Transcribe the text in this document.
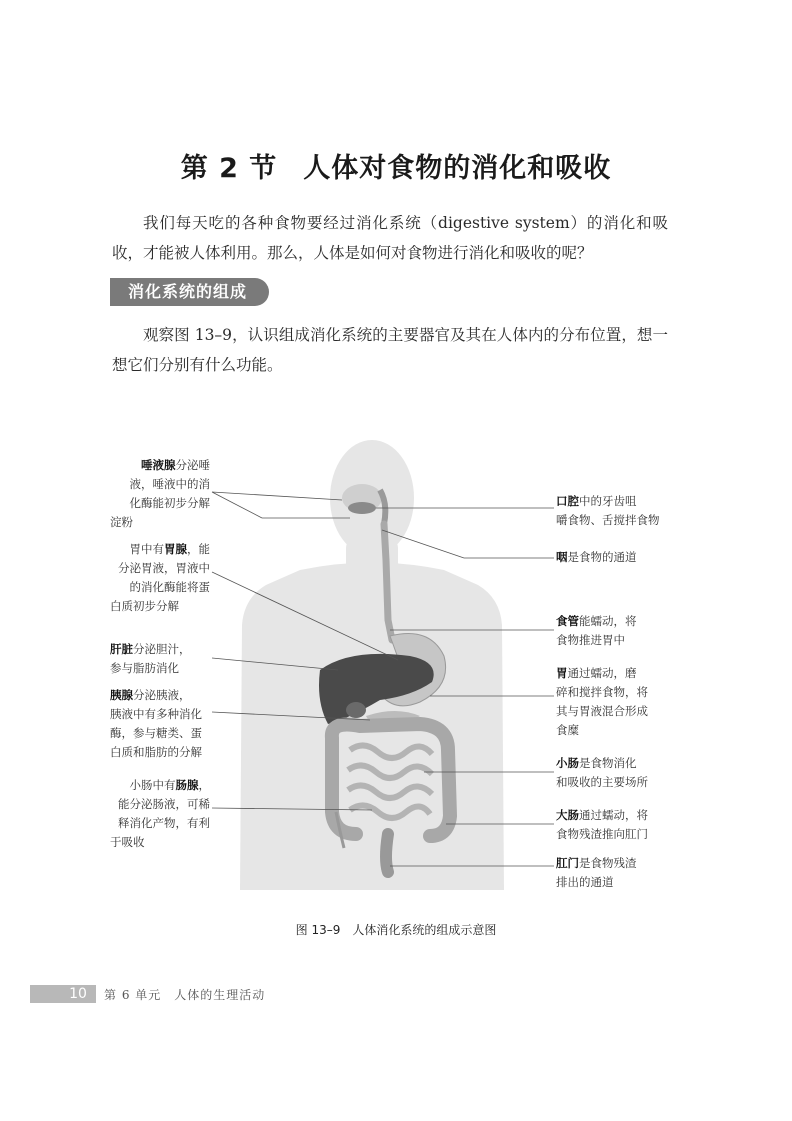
第 2 节 人体对食物的消化和吸收
我们每天吃的各种食物要经过消化系统（digestive system）的消化和吸收，才能被人体利用。那么，人体是如何对食物进行消化和吸收的呢？
消化系统的组成
观察图 13–9，认识组成消化系统的主要器官及其在人体内的分布位置，想一想它们分别有什么功能。
唾液腺分泌唾
液，唾液中的消
化酶能初步分解
淀粉
胃中有胃腺，能
分泌胃液，胃液中
的消化酶能将蛋
白质初步分解
肝脏分泌胆汁，
参与脂肪消化
胰腺分泌胰液，
胰液中有多种消化
酶，参与糖类、蛋
白质和脂肪的分解
小肠中有肠腺，
能分泌肠液，可稀
释消化产物，有利
于吸收
口腔中的牙齿咀
嚼食物、舌搅拌食物
咽是食物的通道
食管能蠕动，将
食物推进胃中
胃通过蠕动，磨
碎和搅拌食物，将
其与胃液混合形成
食糜
小肠是食物消化
和吸收的主要场所
大肠通过蠕动，将
食物残渣推向肛门
肛门是食物残渣
排出的通道
图 13–9　人体消化系统的组成示意图
10	第 6 单元　人体的生理活动
